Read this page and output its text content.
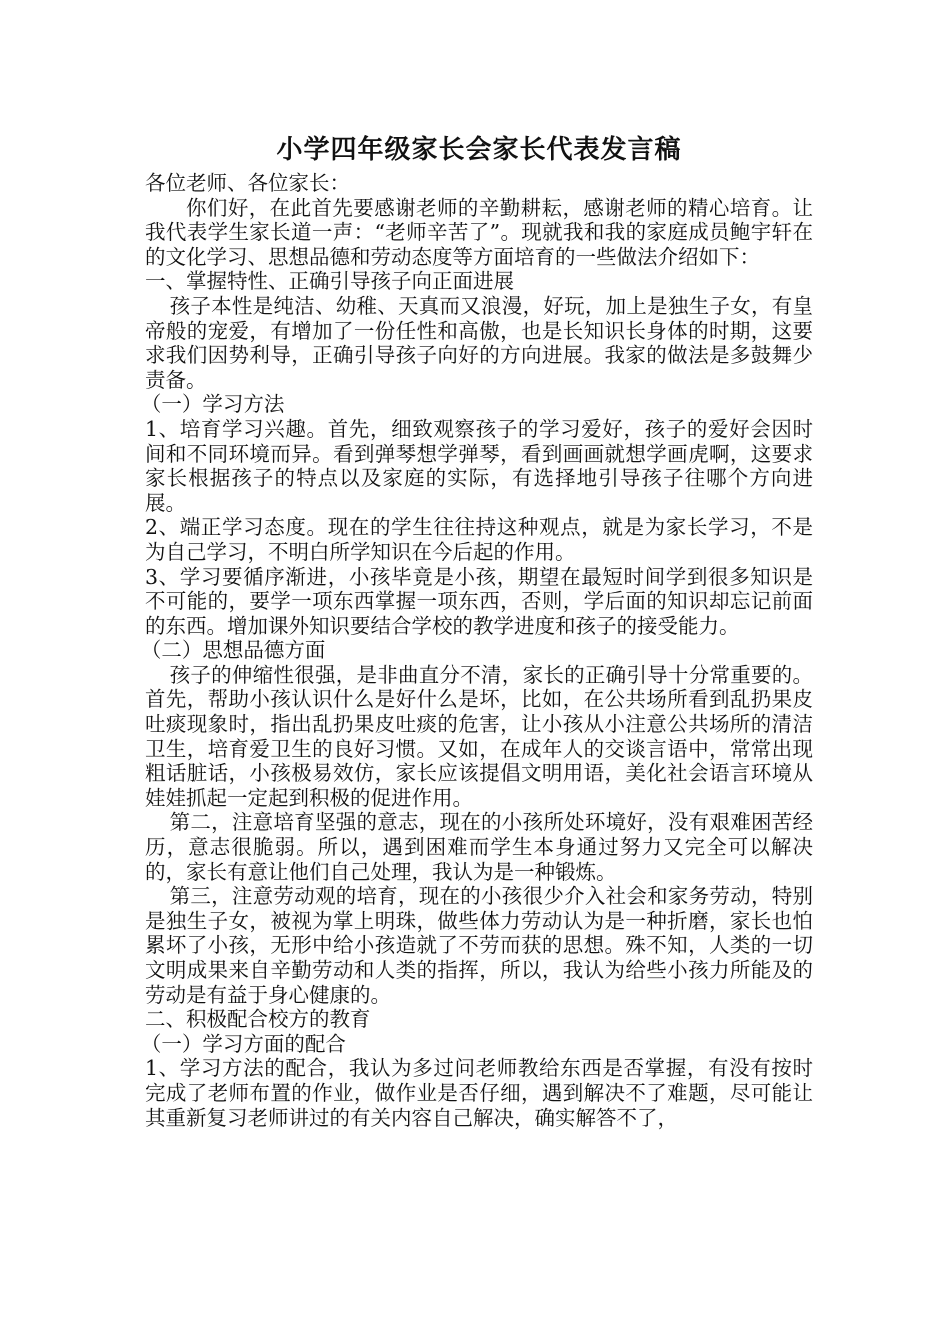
小学四年级家长会家长代表发言稿

各位老师、各位家长：

你们好，在此首先要感谢老师的辛勤耕耘，感谢老师的精心培育。让我代表学生家长道一声：“老师辛苦了”。现就我和我的家庭成员鲍宇轩在的文化学习、思想品德和劳动态度等方面培育的一些做法介绍如下：

一、掌握特性、正确引导孩子向正面进展

孩子本性是纯洁、幼稚、天真而又浪漫，好玩，加上是独生子女，有皇帝般的宠爱，有增加了一份任性和高傲，也是长知识长身体的时期，这要求我们因势利导，正确引导孩子向好的方向进展。我家的做法是多鼓舞少责备。

（一）学习方法

1、培育学习兴趣。首先，细致观察孩子的学习爱好，孩子的爱好会因时间和不同环境而异。看到弹琴想学弹琴，看到画画就想学画虎啊，这要求家长根据孩子的特点以及家庭的实际，有选择地引导孩子往哪个方向进展。

2、端正学习态度。现在的学生往往持这种观点，就是为家长学习，不是为自己学习，不明白所学知识在今后起的作用。

3、学习要循序渐进，小孩毕竟是小孩，期望在最短时间学到很多知识是不可能的，要学一项东西掌握一项东西，否则，学后面的知识却忘记前面的东西。增加课外知识要结合学校的教学进度和孩子的接受能力。

（二）思想品德方面

孩子的伸缩性很强，是非曲直分不清，家长的正确引导十分常重要的。首先，帮助小孩认识什么是好什么是坏，比如，在公共场所看到乱扔果皮吐痰现象时，指出乱扔果皮吐痰的危害，让小孩从小注意公共场所的清洁卫生，培育爱卫生的良好习惯。又如，在成年人的交谈言语中，常常出现粗话脏话，小孩极易效仿，家长应该提倡文明用语，美化社会语言环境从娃娃抓起一定起到积极的促进作用。

第二，注意培育坚强的意志，现在的小孩所处环境好，没有艰难困苦经历，意志很脆弱。所以，遇到困难而学生本身通过努力又完全可以解决的，家长有意让他们自己处理，我认为是一种锻炼。

第三，注意劳动观的培育，现在的小孩很少介入社会和家务劳动，特别是独生子女，被视为掌上明珠，做些体力劳动认为是一种折磨，家长也怕累坏了小孩，无形中给小孩造就了不劳而获的思想。殊不知，人类的一切文明成果来自辛勤劳动和人类的指挥，所以，我认为给些小孩力所能及的劳动是有益于身心健康的。

二、积极配合校方的教育

（一）学习方面的配合

1、学习方法的配合，我认为多过问老师教给东西是否掌握，有没有按时完成了老师布置的作业，做作业是否仔细，遇到解决不了难题，尽可能让其重新复习老师讲过的有关内容自己解决，确实解答不了，
